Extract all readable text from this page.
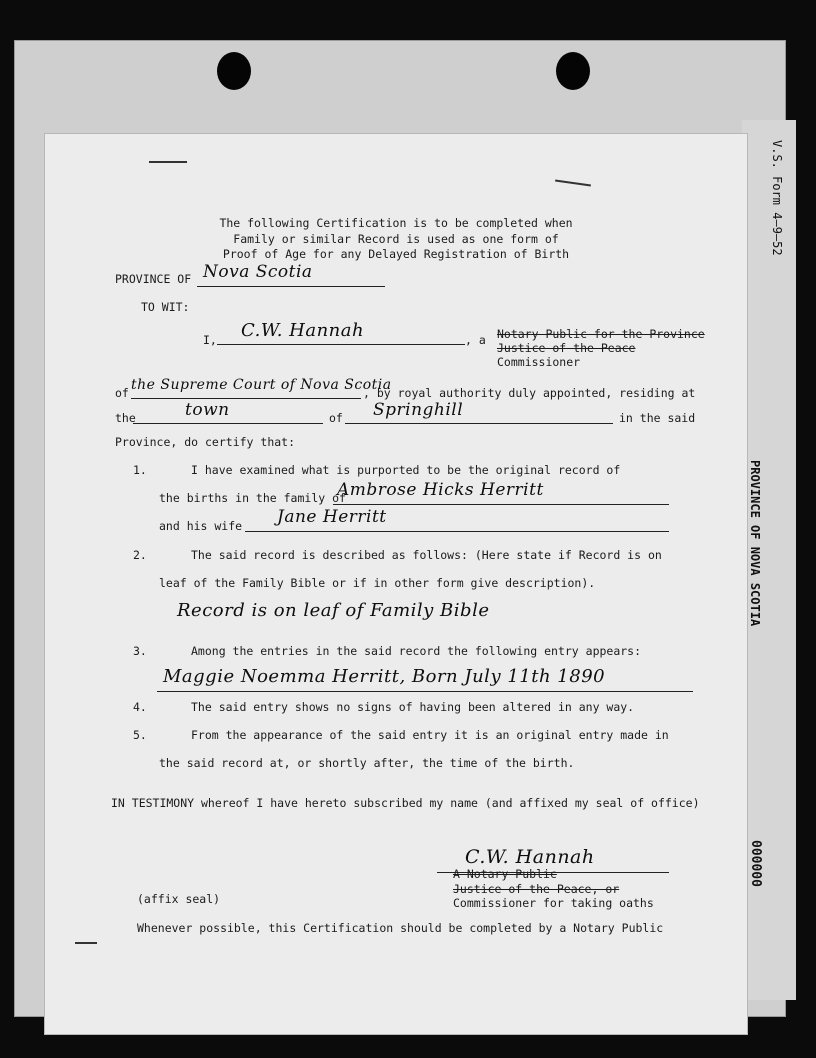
V.S. Form 4—9—52
PROVINCE OF NOVA SCOTIA
000000
The following Certification is to be completed when
Family or similar Record is used as one form of
Proof of Age for any Delayed Registration of Birth
PROVINCE OF Nova Scotia
TO WIT:
I, C.W. Hannah	, a Notary Public for the Province
Justice of the Peace
Commissioner
of the Supreme Court of Nova Scotia
, by royal authority duly appointed, residing at
the	town	of Springhill	in the said
Province, do certify that:
1.	I have examined what is purported to be the original record of
the births in the family of
Ambrose Hicks Herritt
and his wife Jane Herritt
2.	The said record is described as follows: (Here state if Record is on
leaf of the Family Bible or if in other form give description).
Record is on leaf of Family Bible
3.	Among the entries in the said record the following entry appears:
Maggie Noemma Herritt, Born July 11th 1890
4.	The said entry shows no signs of having been altered in any way.
5.	From the appearance of the said entry it is an original entry made in
the said record at, or shortly after, the time of the birth.
IN TESTIMONY whereof I have hereto subscribed my name (and affixed my seal of office)
C.W. Hannah
A Notary Public
Justice of the Peace, or
Commissioner for taking oaths
(affix seal)
Whenever possible, this Certification should be completed by a Notary Public
